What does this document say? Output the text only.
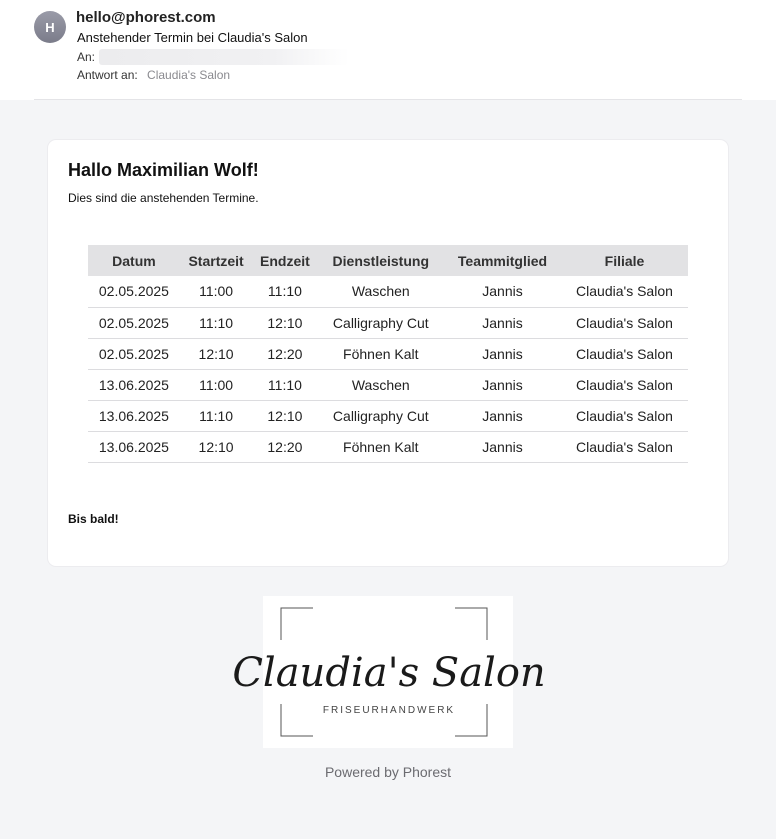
H
hello@phorest.com
Anstehender Termin bei Claudia's Salon
An:
Antwort an: Claudia's Salon
Hallo Maximilian Wolf!
Dies sind die anstehenden Termine.
Datum	Startzeit	Endzeit	Dienstleistung	Teammitglied	Filiale
02.05.2025	11:00	11:10	Waschen	Jannis	Claudia's Salon
02.05.2025	11:10	12:10	Calligraphy Cut	Jannis	Claudia's Salon
02.05.2025	12:10	12:20	Föhnen Kalt	Jannis	Claudia's Salon
13.06.2025	11:00	11:10	Waschen	Jannis	Claudia's Salon
13.06.2025	11:10	12:10	Calligraphy Cut	Jannis	Claudia's Salon
13.06.2025	12:10	12:20	Föhnen Kalt	Jannis	Claudia's Salon
Bis bald!
Claudia's Salon
FRISEURHANDWERK
Powered by Phorest
